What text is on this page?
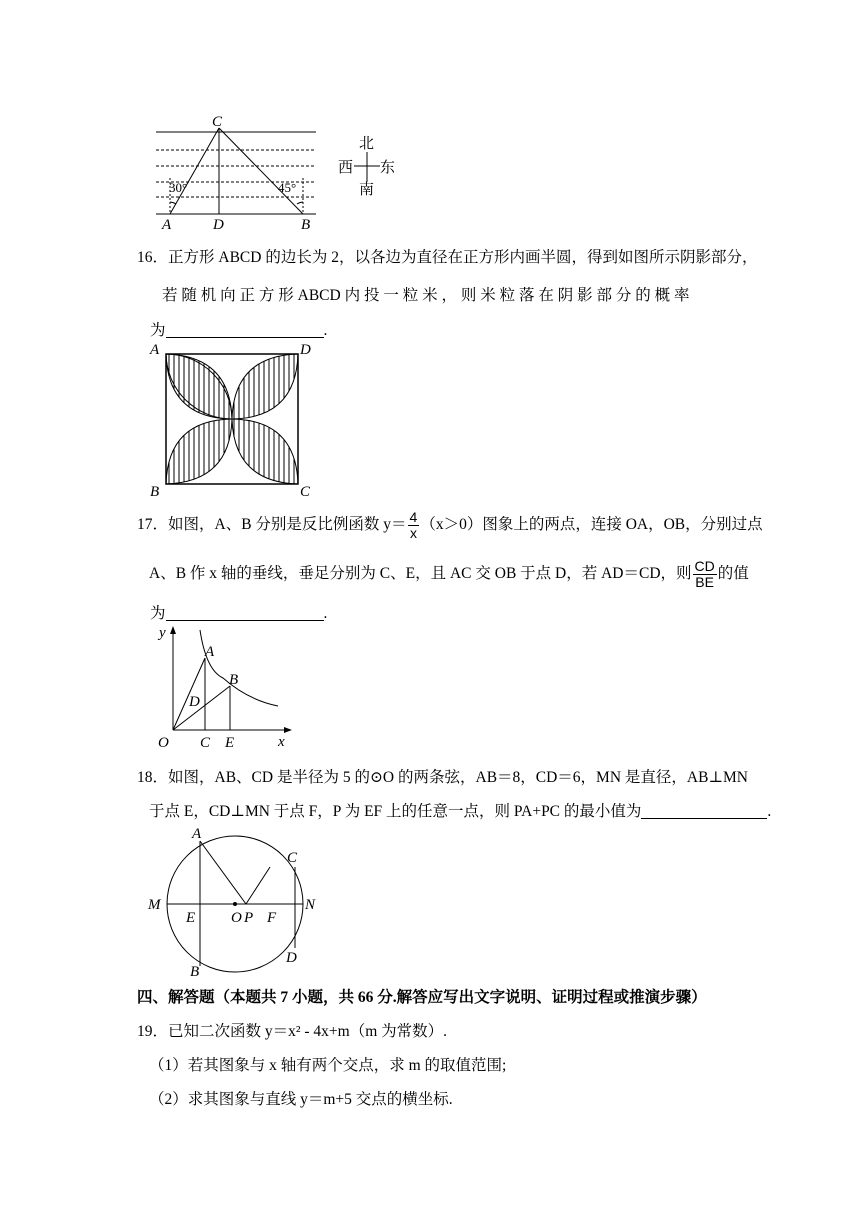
C
A	D	B
30°	45°
北
南
西 东
16．正方形 ABCD 的边长为 2，以各边为直径在正方形内画半圆，得到如图所示阴影部分，
若 随 机 向 正 方 形 ABCD 内 投 一 粒 米 ， 则 米 粒 落 在 阴 影 部 分 的 概 率
为	.
A	D
B	C
17．如图，A、B 分别是反比例函数 $y= \frac{4}{x} (x>0)$图象上的两点，连接 OA，OB，分别过点
A、B 作 x 轴的垂线，垂足分别为 C、E，且 AC 交 OB 于点 D，若 AD＝CD，则 $\frac{CD}{BE}$ 的值
为	.
y
x
O
A
B
C
D
E
18．如图，AB、CD 是半径为 5 的⊙O 的两条弦，AB＝8，CD＝6，MN 是直径，AB⊥MN
于点 E，CD⊥MN 于点 F，P 为 EF 上的任意一点，则 PA+PC 的最小值为	.
A
B
C
D
M	N
E O P F
四、解答题（本题共 7 小题，共 66 分.解答应写出文字说明、证明过程或推演步骤）
19．已知二次函数 y＝x² - 4x+m（m 为常数）.
（1）若其图象与 x 轴有两个交点，求 m 的取值范围;
（2）求其图象与直线 y＝m+5 交点的横坐标.
